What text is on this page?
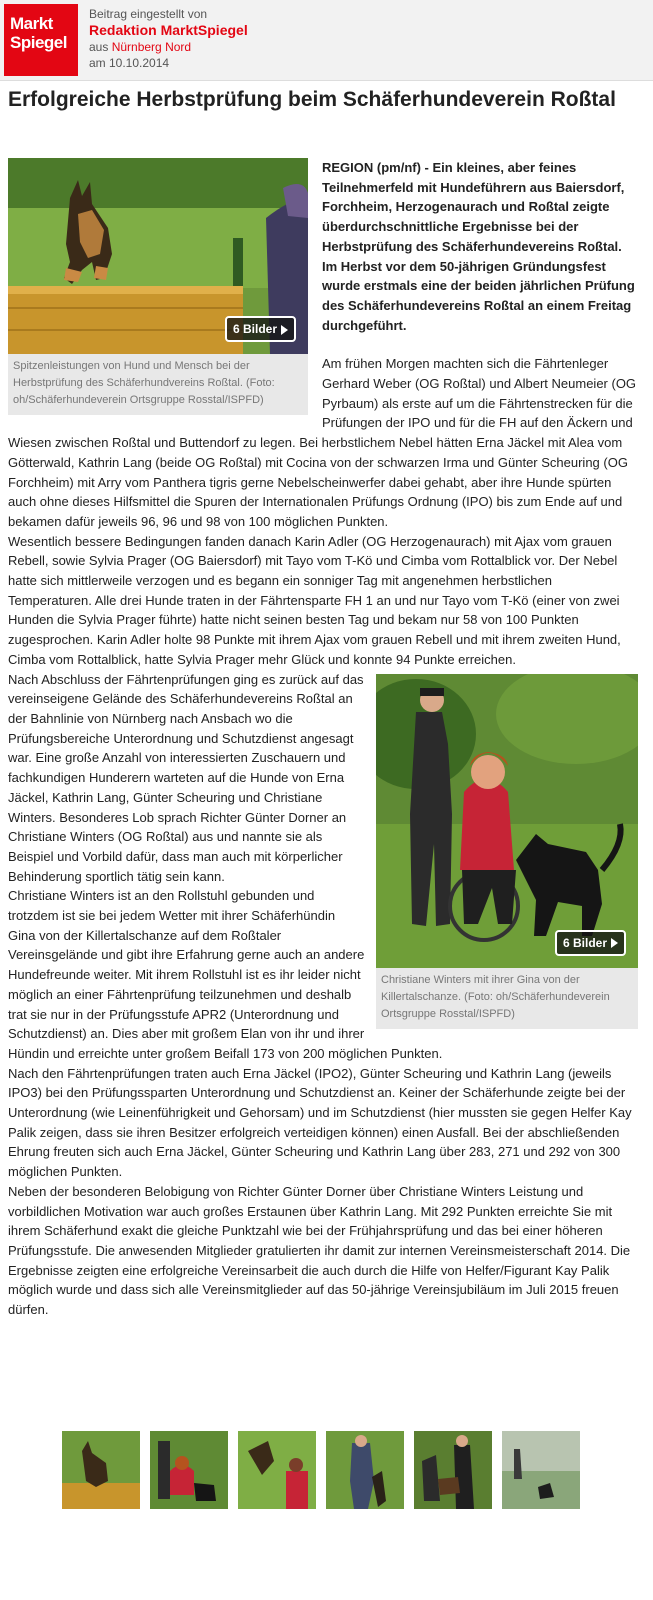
Markt
Spiegel
Beitrag eingestellt von
Redaktion MarktSpiegel
aus Nürnberg Nord
am 10.10.2014
Erfolgreiche Herbstprüfung beim Schäferhundeverein Roßtal
6 Bilder
Spitzenleistungen von Hund und Mensch bei der Herbstprüfung des Schäferhundvereins Roßtal. (Foto: oh/Schäferhundeverein Ortsgruppe Rosstal/ISPFD)

REGION (pm/nf) - Ein kleines, aber feines Teilnehmerfeld mit Hundeführern aus Baiersdorf, Forchheim, Herzogenaurach und Roßtal zeigte überdurchschnittliche Ergebnisse bei der Herbstprüfung des Schäferhundevereins Roßtal. Im Herbst vor dem 50-jährigen Gründungsfest wurde erstmals eine der beiden jährlichen Prüfung des Schäferhundevereins Roßtal an einem Freitag durchgeführt.

Am frühen Morgen machten sich die Fährtenleger Gerhard Weber (OG Roßtal) und Albert Neumeier (OG Pyrbaum) als erste auf um die Fährtenstrecken für die Prüfungen der IPO und für die FH auf den Äckern und Wiesen zwischen Roßtal und Buttendorf zu legen. Bei herbstlichem Nebel hätten Erna Jäckel mit Alea vom Götterwald, Kathrin Lang (beide OG Roßtal) mit Cocina von der schwarzen Irma und Günter Scheuring (OG Forchheim) mit Arry vom Panthera tigris gerne Nebelscheinwerfer dabei gehabt, aber ihre Hunde spürten auch ohne dieses Hilfsmittel die Spuren der Internationalen Prüfungs Ordnung (IPO) bis zum Ende auf und bekamen dafür jeweils 96, 96 und 98 von 100 möglichen Punkten.

Wesentlich bessere Bedingungen fanden danach Karin Adler (OG Herzogenaurach) mit Ajax vom grauen Rebell, sowie Sylvia Prager (OG Baiersdorf) mit Tayo vom T-Kö und Cimba vom Rottalblick vor. Der Nebel hatte sich mittlerweile verzogen und es begann ein sonniger Tag mit angenehmen herbstlichen Temperaturen. Alle drei Hunde traten in der Fährtensparte FH 1 an und nur Tayo vom T-Kö (einer von zwei Hunden die Sylvia Prager führte) hatte nicht seinen besten Tag und bekam nur 58 von 100 Punkten zugesprochen. Karin Adler holte 98 Punkte mit ihrem Ajax vom grauen Rebell und mit ihrem zweiten Hund, Cimba vom Rottalblick, hatte Sylvia Prager mehr Glück und konnte 94 Punkte erreichen.

6 Bilder
Christiane Winters mit ihrer Gina von der Killertalschanze. (Foto: oh/Schäferhundeverein Ortsgruppe Rosstal/ISPFD)

Nach Abschluss der Fährtenprüfungen ging es zurück auf das vereinseigene Gelände des Schäferhundevereins Roßtal an der Bahnlinie von Nürnberg nach Ansbach wo die Prüfungsbereiche Unterordnung und Schutzdienst angesagt war. Eine große Anzahl von interessierten Zuschauern und fachkundigen Hunderern warteten auf die Hunde von Erna Jäckel, Kathrin Lang, Günter Scheuring und Christiane Winters. Besonderes Lob sprach Richter Günter Dorner an Christiane Winters (OG Roßtal) aus und nannte sie als Beispiel und Vorbild dafür, dass man auch mit körperlicher Behinderung sportlich tätig sein kann.

Christiane Winters ist an den Rollstuhl gebunden und trotzdem ist sie bei jedem Wetter mit ihrer Schäferhündin Gina von der Killertalschanze auf dem Roßtaler Vereinsgelände und gibt ihre Erfahrung gerne auch an andere Hundefreunde weiter. Mit ihrem Rollstuhl ist es ihr leider nicht möglich an einer Fährtenprüfung teilzunehmen und deshalb trat sie nur in der Prüfungsstufe APR2 (Unterordnung und Schutzdienst) an. Dies aber mit großem Elan von ihr und ihrer Hündin und erreichte unter großem Beifall 173 von 200 möglichen Punkten.

Nach den Fährtenprüfungen traten auch Erna Jäckel (IPO2), Günter Scheuring und Kathrin Lang (jeweils IPO3) bei den Prüfungssparten Unterordnung und Schutzdienst an. Keiner der Schäferhunde zeigte bei der Unterordnung (wie Leinenführigkeit und Gehorsam) und im Schutzdienst (hier mussten sie gegen Helfer Kay Palik zeigen, dass sie ihren Besitzer erfolgreich verteidigen können) einen Ausfall. Bei der abschließenden Ehrung freuten sich auch Erna Jäckel, Günter Scheuring und Kathrin Lang über 283, 271 und 292 von 300 möglichen Punkten.

Neben der besonderen Belobigung von Richter Günter Dorner über Christiane Winters Leistung und vorbildlichen Motivation war auch großes Erstaunen über Kathrin Lang. Mit 292 Punkten erreichte Sie mit ihrem Schäferhund exakt die gleiche Punktzahl wie bei der Frühjahrsprüfung und das bei einer höheren Prüfungsstufe. Die anwesenden Mitglieder gratulierten ihr damit zur internen Vereinsmeisterschaft 2014. Die Ergebnisse zeigten eine erfolgreiche Vereinsarbeit die auch durch die Hilfe von Helfer/Figurant Kay Palik möglich wurde und dass sich alle Vereinsmitglieder auf das 50-jährige Vereinsjubiläum im Juli 2015 freuen dürfen.
